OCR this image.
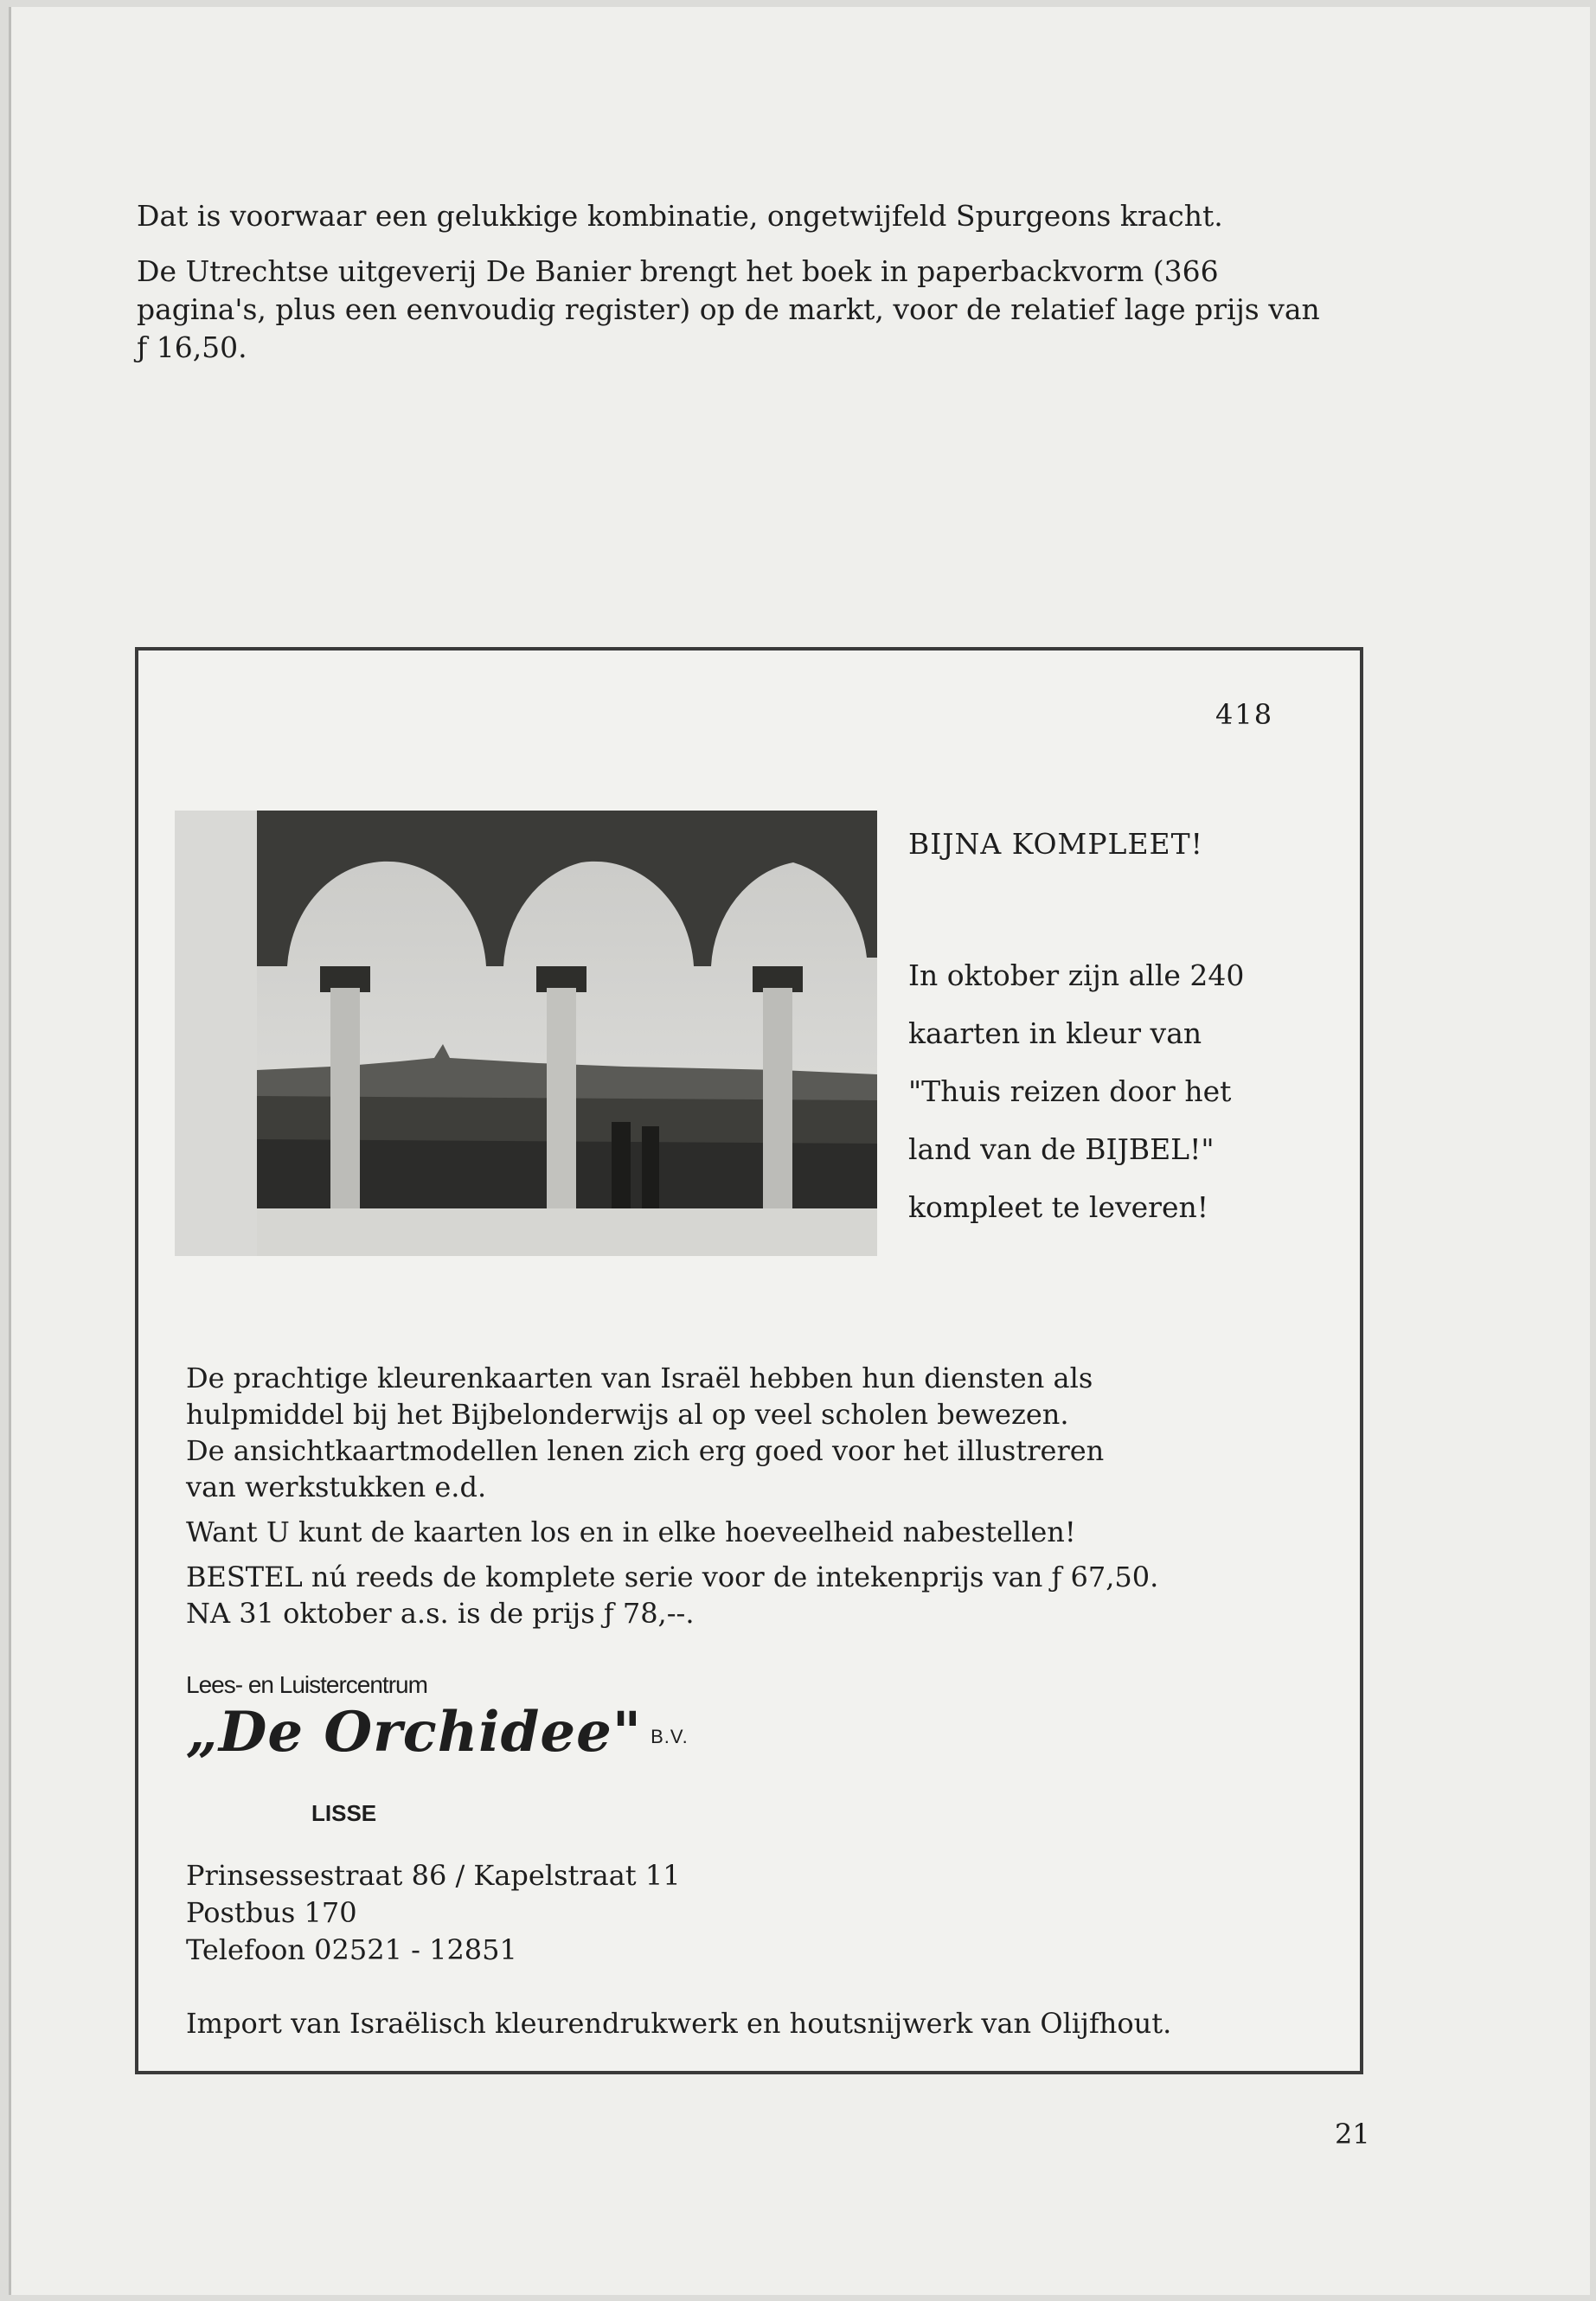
Dat is voorwaar een gelukkige kombinatie, ongetwijfeld Spurgeons kracht.

De Utrechtse uitgeverij De Banier brengt het boek in paperbackvorm (366 pagina's, plus een eenvoudig register) op de markt, voor de relatief lage prijs van ƒ 16,50.

418

BIJNA KOMPLEET!

In oktober zijn alle 240

kaarten in kleur van

"Thuis reizen door het

land van de BIJBEL!"

kompleet te leveren!

De prachtige kleurenkaarten van Israël hebben hun diensten als

hulpmiddel bij het Bijbelonderwijs al op veel scholen bewezen.

De ansichtkaartmodellen lenen zich erg goed voor het illustreren

van werkstukken e.d.

Want U kunt de kaarten los en in elke hoeveelheid nabestellen!

BESTEL nú reeds de komplete serie voor de intekenprijs van ƒ 67,50.

NA 31 oktober a.s. is de prijs ƒ 78,--.

Lees- en Luistercentrum
„De Orchidee" B.V.
LISSE

Prinsessestraat 86 / Kapelstraat 11

Postbus 170

Telefoon 02521 - 12851

Import van Israëlisch kleurendrukwerk en houtsnijwerk van Olijfhout.
21
